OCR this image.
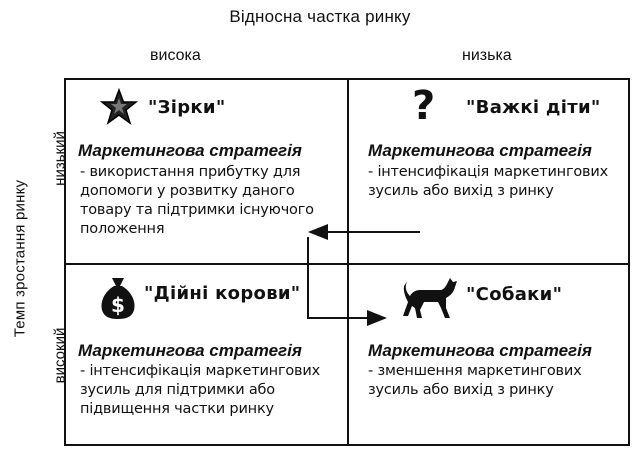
Відносна частка ринку
висока	низька
Темп зростання ринку
низький
високий
"Зірки"
Маркетингова стратегія
- використання прибутку для
допомоги у розвитку даного
товару та підтримки існуючого
положення
? "Важкі діти"
Маркетингова стратегія
- інтенсифікація маркетингових
зусиль або вихід з ринку
$ "Дійні корови"
Маркетингова стратегія
- інтенсифікація маркетингових
зусиль для підтримки або
підвищення частки ринку
"Собаки"
Маркетингова стратегія
- зменшення маркетингових
зусиль або вихід з ринку
